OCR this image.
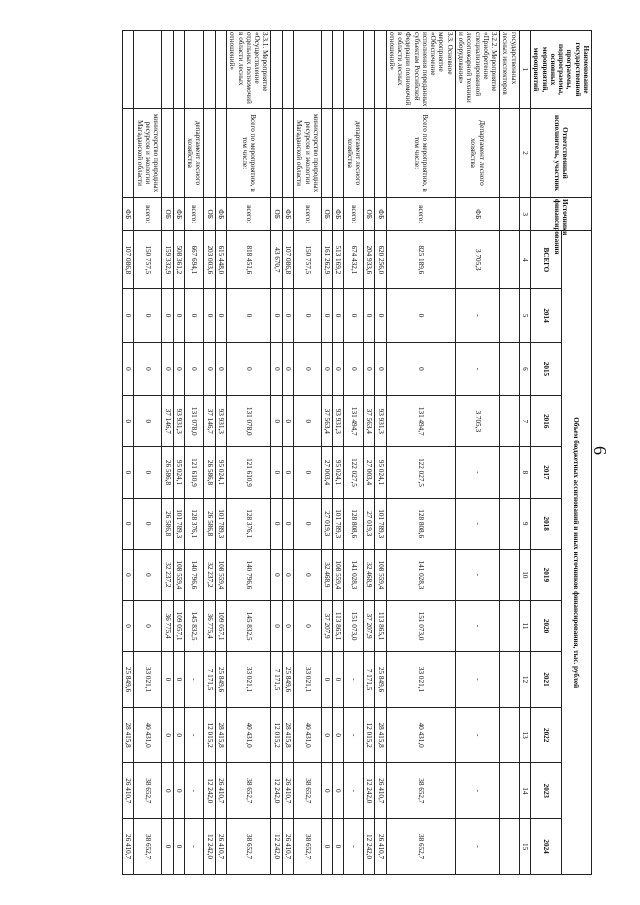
6
Наименование государственной программы, подпрограммы, основных мероприятий, мероприятий	Ответственный исполнитель, участник	Источники финансирования	Объем бюджетных ассигнований и иных источников финансирования, тыс. рублей											
			ВСЕГО	2014	2015	2016	2017	2018	2019	2020	2021	2022	2023	2024
1	2	3	4	5	6	7	8	9	10	11	12	13	14	15
государственных лесных инспекторов														
3.2.2. Мероприятие «Приобретение специализированной лесопожарной техники и оборудования»	Департамент лесного хозяйства	ФБ	3 705,3	-	-	3 705,3	-	-	-	-	-	-	-	-
3.3. Основное мероприятие «Обеспечение исполнения переданных субъектам Российской Федерации полномочий в области лесных отношений»	Всего по мероприятию, в том числе:	всего:	825 189,6	0	0	131 494,7	122 027,5	128 808,6	141 028,3	151 073,0	33 021,1	40 431,0	38 652,7	38 652,7
		ФБ	620 256,0	0	0	93 931,3	95 024,1	101 789,3	108 559,4	113 865,1	25 849,6	28 415,8	26 410,7	26 410,7
		ОБ	204 933,6	0	0	37 563,4	27 003,4	27 019,3	32 468,9	37 207,9	7 171,5	12 015,2	12 242,0	12 242,0
	департамент лесного хозяйства	всего:	674 432,1	0	0	131 494,7	122 027,5	128 808,6	141 028,3	151 073,0	-	-	-	-
		ФБ	513 169,2	0	0	93 931,3	95 024,1	101 789,3	108 559,4	113 865,1	0	0	0	0
		ОБ	161 262,9	0	0	37 563,4	27 003,4	27 019,3	32 468,9	37 207,9	0	0	0	0
	министерство природных ресурсов и экологии Магаданской области	всего:	150 757,5	0	0	0	0	0	0	0	33 021,1	40 431,0	38 652,7	38 652,7
		ФБ	107 086,8	0	0	0	0	0	0	0	25 849,6	28 415,8	26 410,7	26 410,7
		ОБ	43 670,7	0	0	0	0	0	0	0	7 171,5	12 015,2	12 242,0	12 242,0
3.3.1. Мероприятие «Осуществление отдельных полномочий в области лесных отношений»	Всего по мероприятию, в том числе:	всего:	818 451,6	0	0	131 078,0	121 610,9	128 376,1	140 796,6	145 832,5	33 021,1	40 431,0	38 652,7	38 652,7
		ФБ	615 448,0	0	0	93 931,3	95 024,1	101 789,3	108 559,4	109 057,1	25 849,6	28 415,8	26 410,7	26 410,7
		ОБ	203 003,6	0	0	37 146,7	26 586,8	26 586,8	32 237,2	36 775,4	7 171,5	12 015,2	12 242,0	12 242,0
	департамент лесного хозяйства	всего:	667 694,1	0	0	131 078,0	121 610,9	128 376,1	140 796,6	145 832,5	-	-	-	-
		ФБ	508 361,2	0	0	93 931,3	95 024,1	101 789,3	108 559,4	109 057,1	0	0	0	0
		ОБ	159 332,9	0	0	37 146,7	26 586,8	26 586,8	32 237,2	36 775,4	0	0	0	0
	министерство природных ресурсов и экологии Магаданской области	всего:	150 757,5	0	0	0	0	0	0	0	33 021,1	40 431,0	38 652,7	38 652,7
		ФБ	107 086,8	0	0	0	0	0	0	0	25 849,6	28 415,8	26 410,7	26 410,7
